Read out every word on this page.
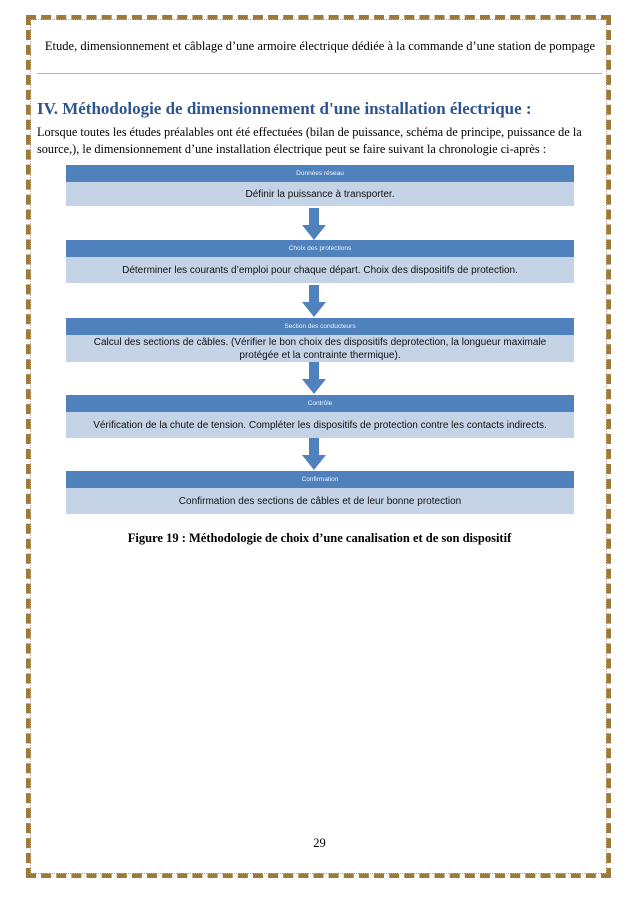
Etude, dimensionnement et câblage d’une armoire électrique dédiée à la commande d’une station de pompage
IV. Méthodologie de dimensionnement d'une installation électrique :
Lorsque toutes les études préalables ont été effectuées (bilan de puissance, schéma de principe, puissance de la source,), le dimensionnement d’une installation électrique peut se faire suivant la chronologie ci-après :
Données réseau
Définir la puissance à transporter.
Choix des protections
Déterminer les courants d’emploi pour chaque départ. Choix des dispositifs de protection.
Section des conducteurs
Calcul des sections de câbles. (Vérifier le bon choix des dispositifs deprotection, la longueur maximale protégée et la contrainte thermique).
Contrôle
Vérification de la chute de tension. Compléter les dispositifs de protection contre les contacts indirects.
Confirmation
Confirmation des sections de câbles et de leur bonne protection
Figure 19 : Méthodologie de choix d’une canalisation et de son dispositif
29
